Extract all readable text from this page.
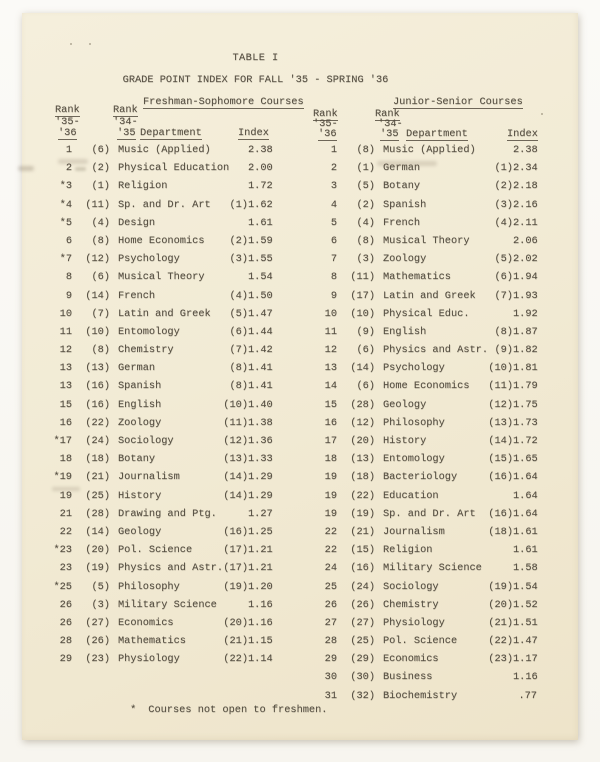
TABLE I
GRADE POINT INDEX FOR FALL '35 - SPRING '36
Freshman-Sophomore Courses
Rank	Rank
'35-	'34-
'36	'35 Department	Index
1	(6) Music (Applied)	2.38
2	(2) Physical Education 2.00
*3	(1) Religion	1.72
*4	(11) Sp. and Dr. Art	(1) 1.62
*5	(4) Design	1.61
6	(8) Home Economics	(2) 1.59
*7	(12) Psychology	(3) 1.55
8	(6) Musical Theory	1.54
9	(14) French	(4) 1.50
10	(7) Latin and Greek	(5) 1.47
11	(10) Entomology	(6) 1.44
12	(8) Chemistry	(7) 1.42
13	(13) German	(8) 1.41
13	(16) Spanish	(8) 1.41
15	(16) English	(10) 1.40
16	(22) Zoology	(11) 1.38
*17	(24) Sociology	(12) 1.36
18	(18) Botany	(13) 1.33
*19	(21) Journalism	(14) 1.29
19	(25) History	(14) 1.29
21	(28) Drawing and Ptg.	1.27
22	(14) Geology	(16) 1.25
*23	(20) Pol. Science	(17) 1.21
23	(19) Physics and Astr. (17) 1.21
*25	(5) Philosophy	(19) 1.20
26	(3) Military Science	1.16
26	(27) Economics	(20) 1.16
28	(26) Mathematics	(21) 1.15
29	(23) Physiology	(22) 1.14
Junior-Senior Courses
Rank	Rank
'35-	'34-
'36	'35 Department	Index
1	(8) Music (Applied)	2.38
2	(1) German	(1) 2.34
3	(5) Botany	(2) 2.18
4	(2) Spanish	(3) 2.16
5	(4) French	(4) 2.11
6	(8) Musical Theory	2.06
7	(3) Zoology	(5) 2.02
8	(11) Mathematics	(6) 1.94
9	(17) Latin and Greek	(7) 1.93
10	(10) Physical Educ.	1.92
11	(9) English	(8) 1.87
12	(6) Physics and Astr. (9) 1.82
13	(14) Psychology	(10) 1.81
14	(6) Home Economics	(11) 1.79
15	(28) Geology	(12) 1.75
16	(12) Philosophy	(13) 1.73
17	(20) History	(14) 1.72
18	(13) Entomology	(15) 1.65
19	(18) Bacteriology	(16) 1.64
19	(22) Education	1.64
19	(19) Sp. and Dr. Art	(16) 1.64
22	(21) Journalism	(18) 1.61
22	(15) Religion	1.61
24	(16) Military Science	1.58
25	(24) Sociology	(19) 1.54
26	(26) Chemistry	(20) 1.52
27	(27) Physiology	(21) 1.51
28	(25) Pol. Science	(22) 1.47
29	(29) Economics	(23) 1.17
30	(30) Business	1.16
31	(32) Biochemistry	.77

* Courses not open to freshmen.
